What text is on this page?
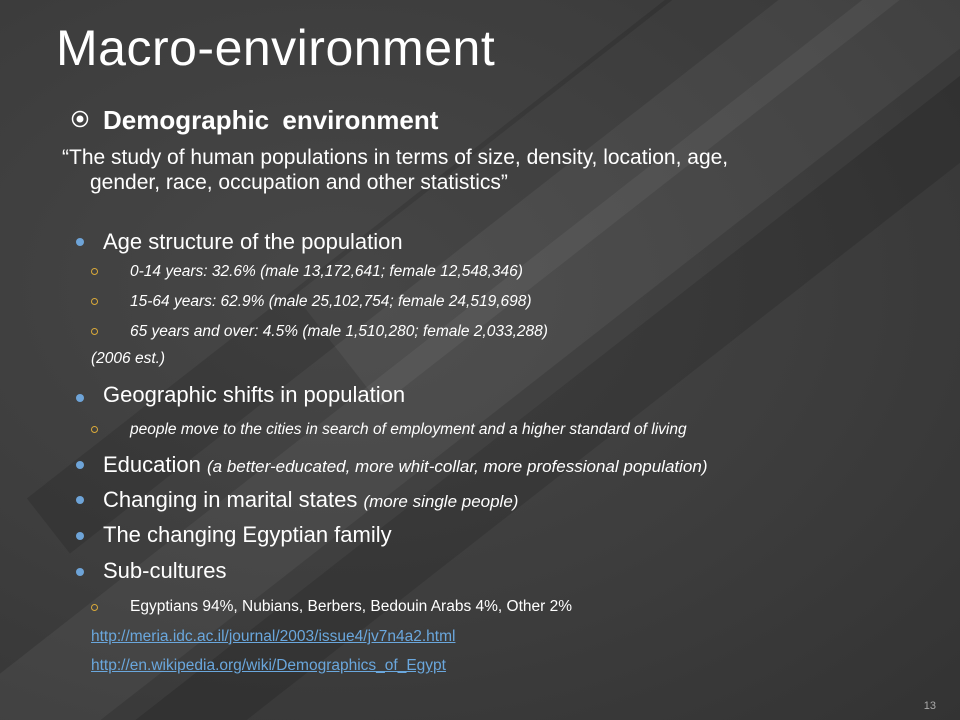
Macro-environment
Demographic environment
“The study of human populations in terms of size, density, location, age,
gender, race, occupation and other statistics”
Age structure of the population
0-14 years: 32.6% (male 13,172,641; female 12,548,346)
15-64 years: 62.9% (male 25,102,754; female 24,519,698)
65 years and over: 4.5% (male 1,510,280; female 2,033,288)
(2006 est.)
Geographic shifts in population
people move to the cities in search of employment and a higher standard of living
Education (a better-educated, more whit-collar, more professional population)
Changing in marital states (more single people)
The changing Egyptian family
Sub-cultures
Egyptians 94%, Nubians, Berbers, Bedouin Arabs 4%, Other 2%
http://meria.idc.ac.il/journal/2003/issue4/jv7n4a2.html
http://en.wikipedia.org/wiki/Demographics_of_Egypt
13
